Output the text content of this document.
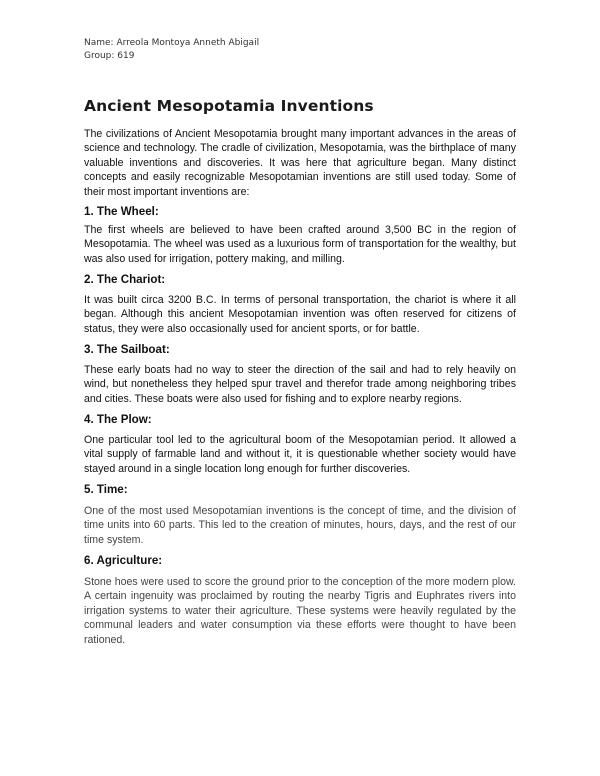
Name: Arreola Montoya Anneth Abigail
Group: 619
Ancient Mesopotamia Inventions

The civilizations of Ancient Mesopotamia brought many important advances in the areas of science and technology. The cradle of civilization, Mesopotamia, was the birthplace of many valuable inventions and discoveries. It was here that agriculture began. Many distinct concepts and easily recognizable Mesopotamian inventions are still used today. Some of their most important inventions are:

1. The Wheel:

The first wheels are believed to have been crafted around 3,500 BC in the region of Mesopotamia. The wheel was used as a luxurious form of transportation for the wealthy, but was also used for irrigation, pottery making, and milling.

2. The Chariot:

It was built circa 3200 B.C. In terms of personal transportation, the chariot is where it all began. Although this ancient Mesopotamian invention was often reserved for citizens of status, they were also occasionally used for ancient sports, or for battle.

3. The Sailboat:

These early boats had no way to steer the direction of the sail and had to rely heavily on wind, but nonetheless they helped spur travel and therefor trade among neighboring tribes and cities. These boats were also used for fishing and to explore nearby regions.

4. The Plow:

One particular tool led to the agricultural boom of the Mesopotamian period. It allowed a vital supply of farmable land and without it, it is questionable whether society would have stayed around in a single location long enough for further discoveries.

5. Time:

One of the most used Mesopotamian inventions is the concept of time, and the division of time units into 60 parts. This led to the creation of minutes, hours, days, and the rest of our time system.

6. Agriculture:

Stone hoes were used to score the ground prior to the conception of the more modern plow. A certain ingenuity was proclaimed by routing the nearby Tigris and Euphrates rivers into irrigation systems to water their agriculture. These systems were heavily regulated by the communal leaders and water consumption via these efforts were thought to have been rationed.
